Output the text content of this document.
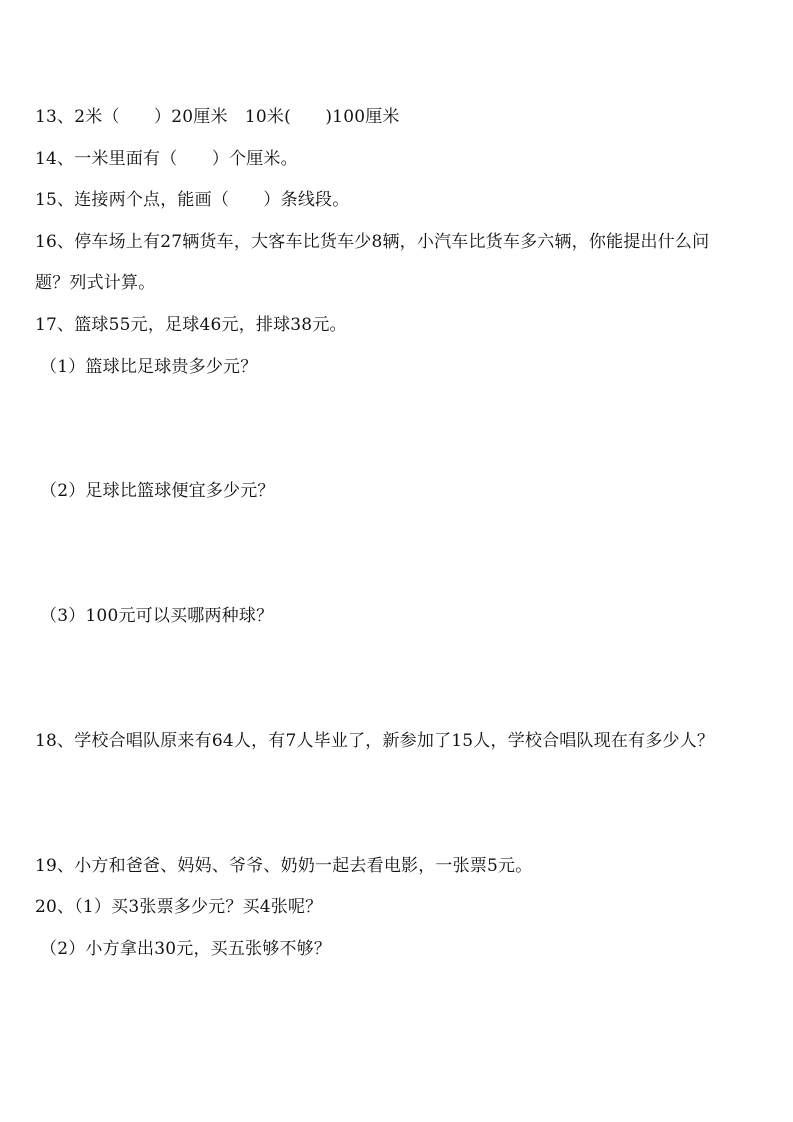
13、2米（　　）20厘米　10米(　　)100厘米
14、一米里面有（　　）个厘米。
15、连接两个点，能画（　　）条线段。
16、停车场上有27辆货车，大客车比货车少8辆，小汽车比货车多六辆，你能提出什么问
题？列式计算。
17、篮球55元，足球46元，排球38元。
（1）篮球比足球贵多少元？
（2）足球比篮球便宜多少元？
（3）100元可以买哪两种球？
18、学校合唱队原来有64人，有7人毕业了，新参加了15人，学校合唱队现在有多少人？
19、小方和爸爸、妈妈、爷爷、奶奶一起去看电影，一张票5元。
20、（1）买3张票多少元？买4张呢？
（2）小方拿出30元，买五张够不够？
